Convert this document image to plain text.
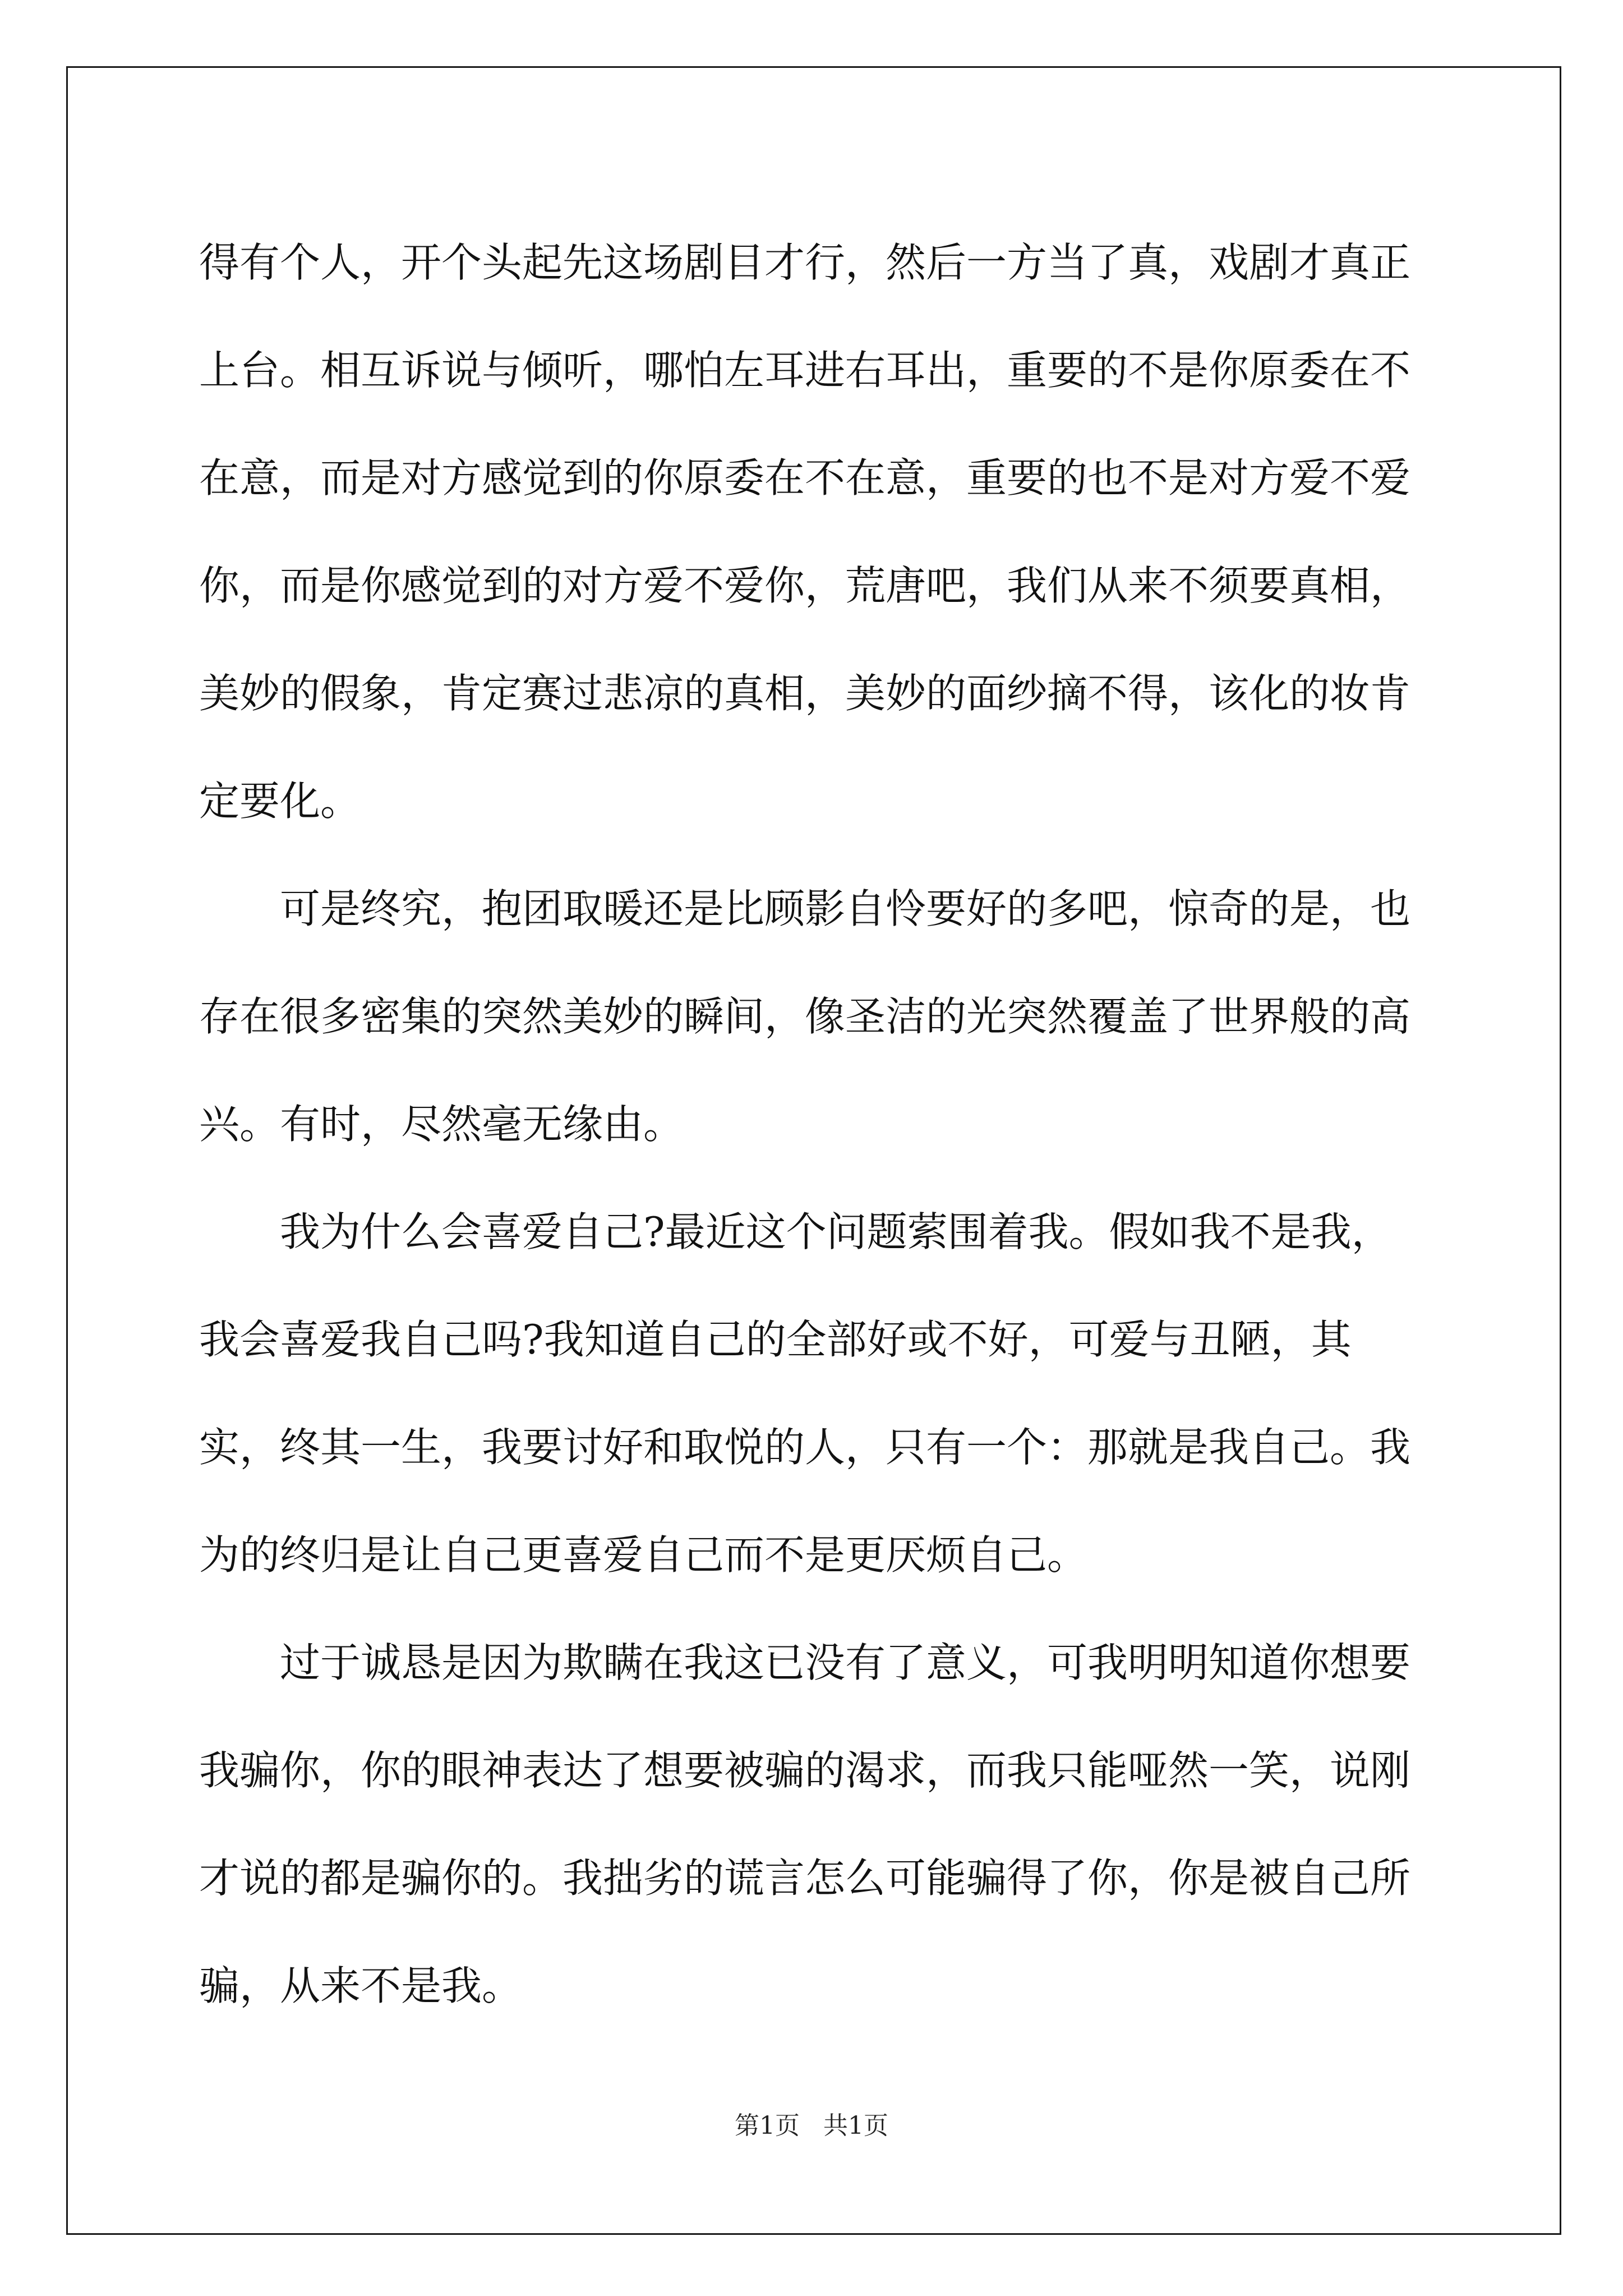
得有个人，开个头起先这场剧目才行，然后一方当了真，戏剧才真正上台。相互诉说与倾听，哪怕左耳进右耳出，重要的不是你原委在不在意，而是对方感觉到的你原委在不在意，重要的也不是对方爱不爱你，而是你感觉到的对方爱不爱你，荒唐吧，我们从来不须要真相，美妙的假象，肯定赛过悲凉的真相，美妙的面纱摘不得，该化的妆肯定要化。

可是终究，抱团取暖还是比顾影自怜要好的多吧，惊奇的是，也存在很多密集的突然美妙的瞬间，像圣洁的光突然覆盖了世界般的高兴。有时，尽然毫无缘由。

我为什么会喜爱自己?最近这个问题萦围着我。假如我不是我，我会喜爱我自己吗?我知道自己的全部好或不好，可爱与丑陋，其实，终其一生，我要讨好和取悦的人，只有一个：那就是我自己。我为的终归是让自己更喜爱自己而不是更厌烦自己。

过于诚恳是因为欺瞒在我这已没有了意义，可我明明知道你想要我骗你，你的眼神表达了想要被骗的渴求，而我只能哑然一笑，说刚才说的都是骗你的。我拙劣的谎言怎么可能骗得了你，你是被自己所骗，从来不是我。

第1页 共1页
